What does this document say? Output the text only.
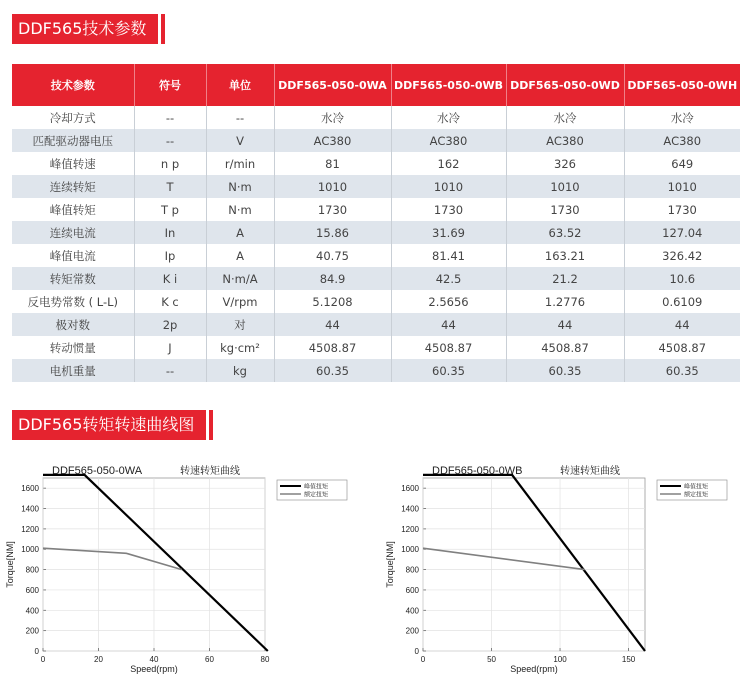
DDF565技术参数
技术参数	符号	单位	DDF565-050-0WA	DDF565-050-0WB	DDF565-050-0WD	DDF565-050-0WH
冷却方式	--	--	水冷	水冷	水冷	水冷
匹配驱动器电压	--	V	AC380	AC380	AC380	AC380
峰值转速	n p	r/min	81	162	326	649
连续转矩	T	N·m	1010	1010	1010	1010
峰值转矩	T p	N·m	1730	1730	1730	1730
连续电流	In	A	15.86	31.69	63.52	127.04
峰值电流	Ip	A	40.75	81.41	163.21	326.42
转矩常数	K i	N·m/A	84.9	42.5	21.2	10.6
反电势常数 ( L-L)	K c	V/rpm	5.1208	2.5656	1.2776	0.6109
极对数	2p	对	44	44	44	44
转动惯量	J	kg·cm²	4508.87	4508.87	4508.87	4508.87
电机重量	--	kg	60.35	60.35	60.35	60.35
DDF565转矩转速曲线图
0
200
400
600
800
1000
1200
1400
1600
0	20	40	60	80
峰值扭矩
额定扭矩
DDF565-050-0WA	转速转矩曲线
Speed(rpm)
Torque[NM]
0
200
400
600
800
1000
1200
1400
1600
0	50	100	150
峰值扭矩
额定扭矩
DDF565-050-0WB	转速转矩曲线
Speed(rpm)
Torque[NM]
